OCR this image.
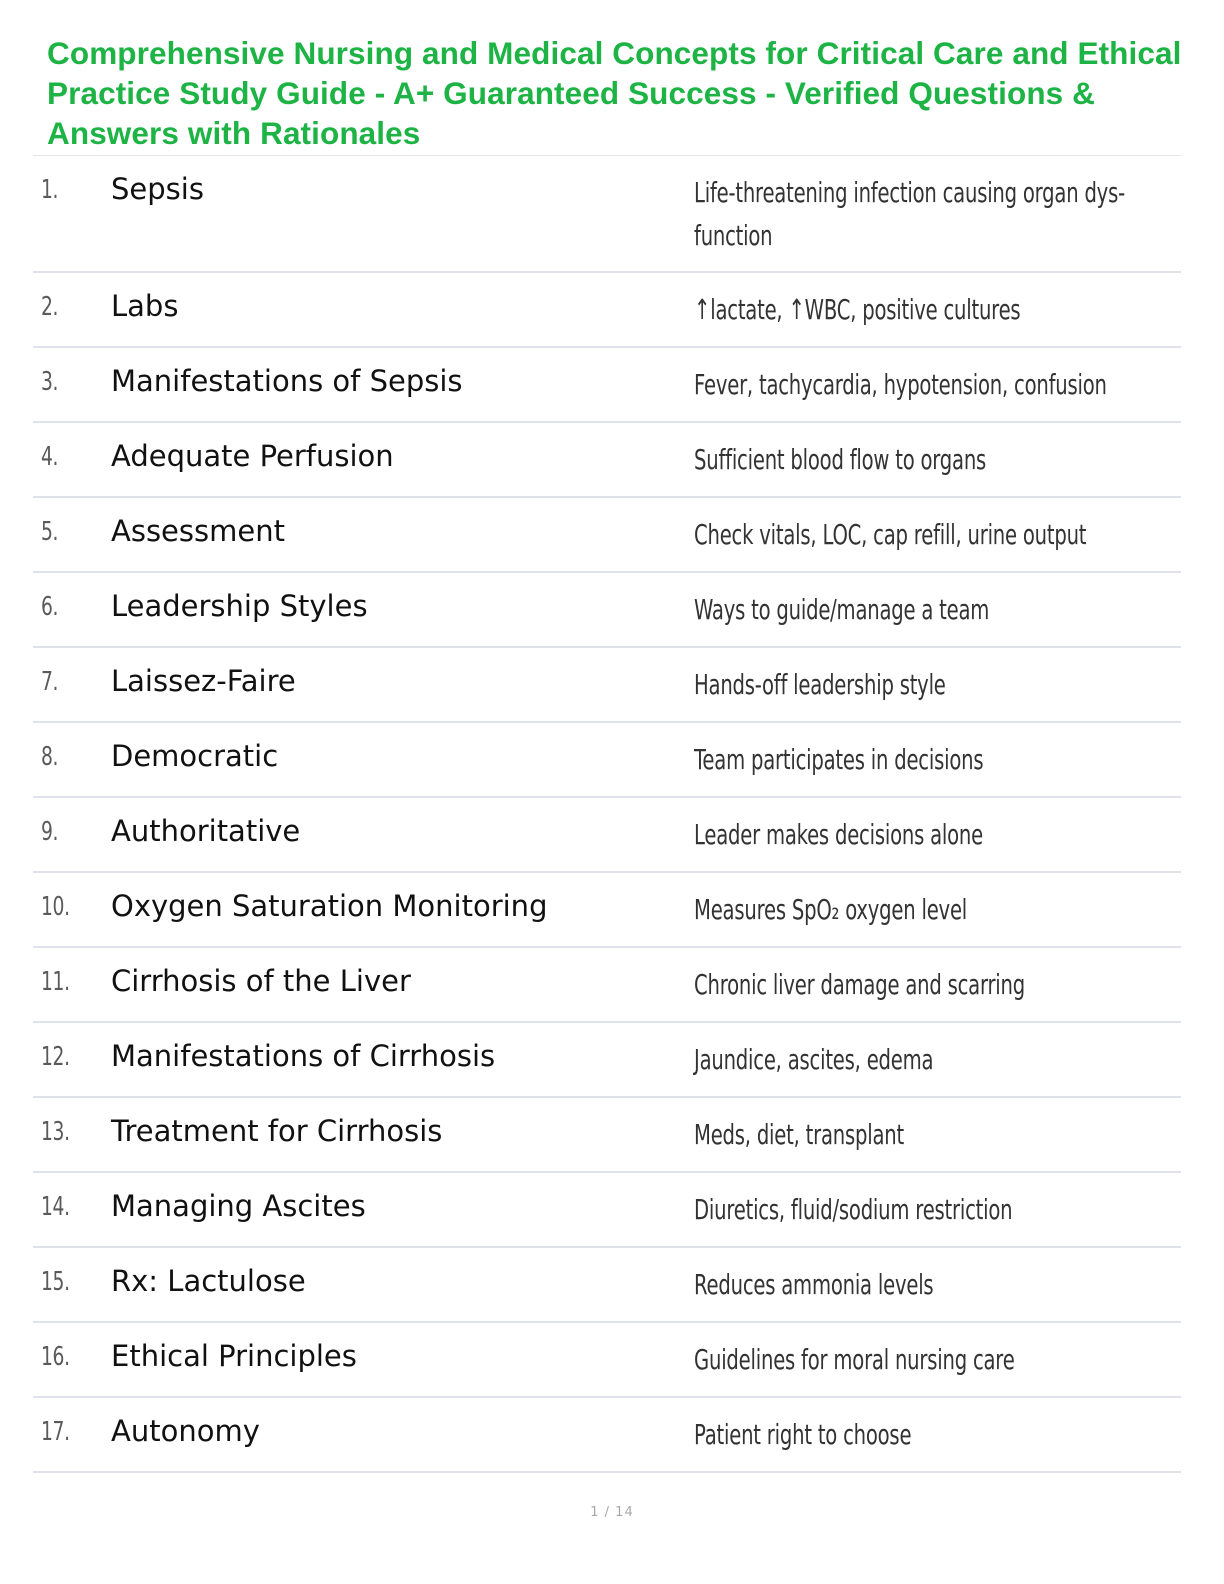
Comprehensive Nursing and Medical Concepts for Critical Care and Ethical Practice Study Guide - A+ Guaranteed Success - Verified Questions & Answers with Rationales
1. Sepsis	Life-threatening infection causing organ dys- function
2. Labs	↑lactate, ↑WBC, positive cultures
3. Manifestations of Sepsis	Fever, tachycardia, hypotension, confusion
4. Adequate Perfusion	Sufficient blood flow to organs
5. Assessment	Check vitals, LOC, cap refill, urine output
6. Leadership Styles	Ways to guide/manage a team
7. Laissez-Faire	Hands-off leadership style
8. Democratic	Team participates in decisions
9. Authoritative	Leader makes decisions alone
10. Oxygen Saturation Monitoring	Measures SpO₂ oxygen level
11. Cirrhosis of the Liver	Chronic liver damage and scarring
12. Manifestations of Cirrhosis	Jaundice, ascites, edema
13. Treatment for Cirrhosis	Meds, diet, transplant
14. Managing Ascites	Diuretics, fluid/sodium restriction
15. Rx: Lactulose	Reduces ammonia levels
16. Ethical Principles	Guidelines for moral nursing care
17. Autonomy	Patient right to choose
1 / 14
